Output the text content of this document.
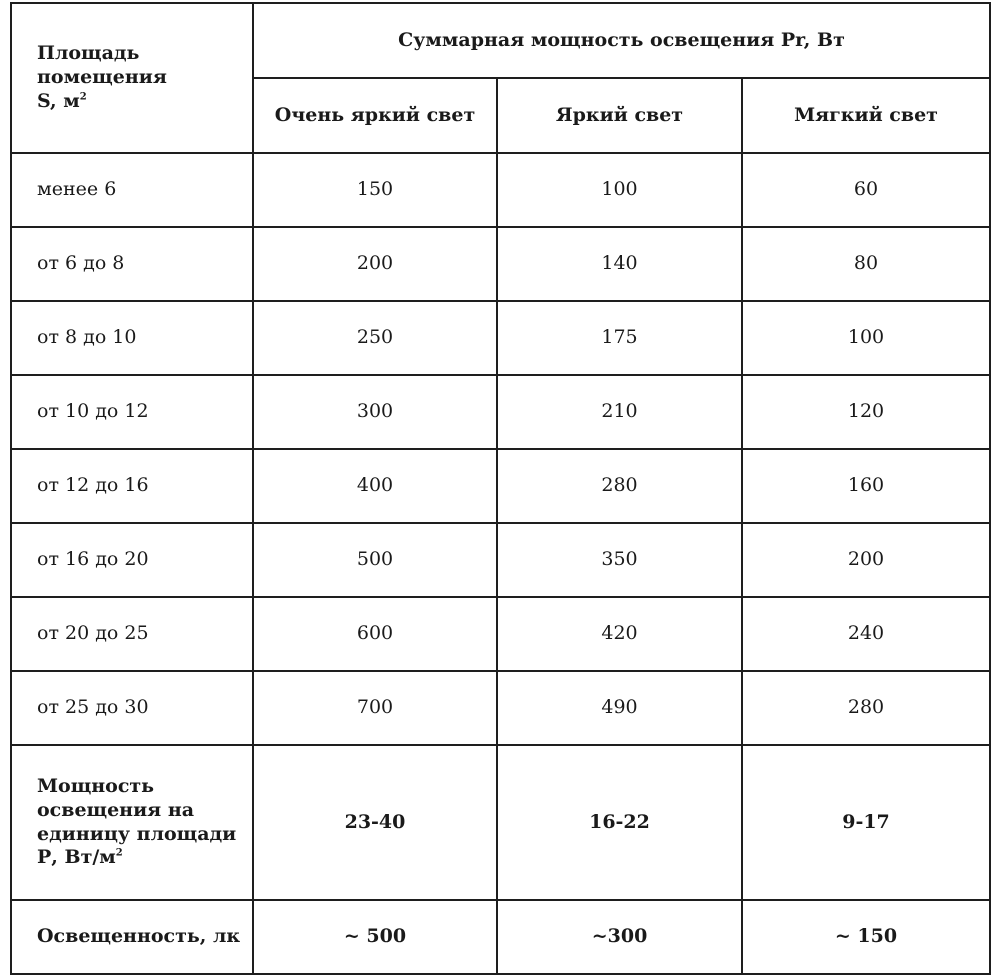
Площадь
помещения
S, $м^2$	Суммарная мощность освещения Рr, Вт		
	Очень яркий свет	Яркий свет	Мягкий свет
менее 6	150	100	60
от 6 до 8	200	140	80
от 8 до 10	250	175	100
от 10 до 12	300	210	120
от 12 до 16	400	280	160
от 16 до 20	500	350	200
от 20 до 25	600	420	240
от 25 до 30	700	490	280
Мощность
освещения на
единицу площади
Р, $Вт/м^2$	23-40	16-22	9-17
Освещенность, лк	~ 500	~300	~ 150
